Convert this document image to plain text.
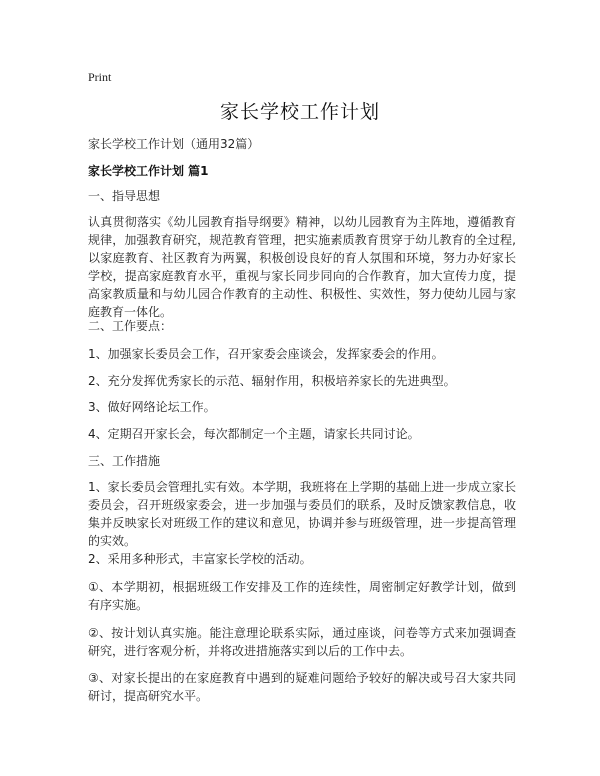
Print
家长学校工作计划
家长学校工作计划（通用32篇）
家长学校工作计划 篇1
一、指导思想
认真贯彻落实《幼儿园教育指导纲要》精神，以幼儿园教育为主阵地，遵循教育规律，加强教育研究，规范教育管理，把实施素质教育贯穿于幼儿教育的全过程,以家庭教育、社区教育为两翼，积极创设良好的育人氛围和环境，努力办好家长学校，提高家庭教育水平，重视与家长同步同向的合作教育，加大宣传力度，提高家教质量和与幼儿园合作教育的主动性、积极性、实效性，努力使幼儿园与家庭教育一体化。
二、工作要点：
1、加强家长委员会工作，召开家委会座谈会，发挥家委会的作用。
2、充分发挥优秀家长的示范、辐射作用，积极培养家长的先进典型。
3、做好网络论坛工作。
4、定期召开家长会，每次都制定一个主题，请家长共同讨论。
三、工作措施
1、家长委员会管理扎实有效。本学期，我班将在上学期的基础上进一步成立家长委员会，召开班级家委会，进一步加强与委员们的联系，及时反馈家教信息，收集并反映家长对班级工作的建议和意见，协调并参与班级管理，进一步提高管理的实效。
2、采用多种形式，丰富家长学校的活动。
①、本学期初，根据班级工作安排及工作的连续性，周密制定好教学计划，做到有序实施。
②、按计划认真实施。能注意理论联系实际，通过座谈，问卷等方式来加强调查研究，进行客观分析，并将改进措施落实到以后的工作中去。
③、对家长提出的在家庭教育中遇到的疑难问题给予较好的解决或号召大家共同研讨，提高研究水平。
